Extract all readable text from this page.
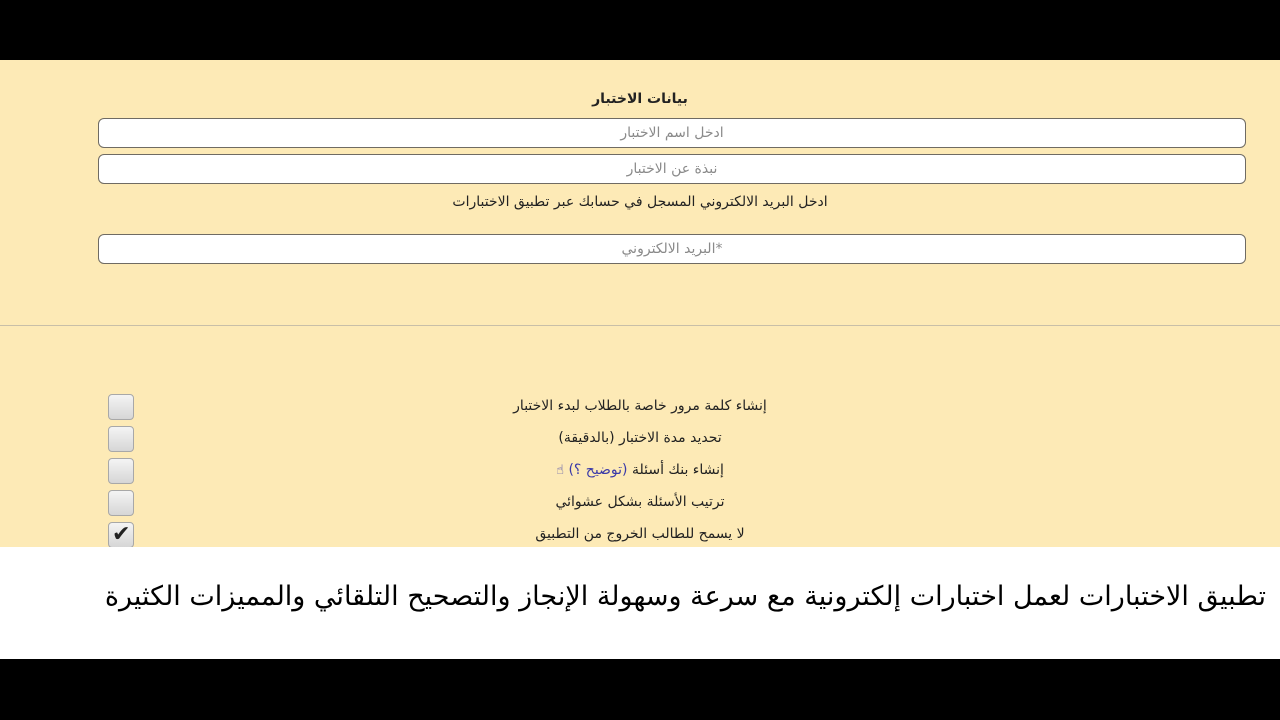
بيانات الاختبار
ادخل اسم الاختبار
نبذة عن الاختبار
ادخل البريد الالكتروني المسجل في حسابك عبر تطبيق الاختبارات
*البريد الالكتروني
إنشاء كلمة مرور خاصة بالطلاب لبدء الاختبار
تحديد مدة الاختبار (بالدقيقة)
إنشاء بنك أسئلة (توضيح ؟) ☝
ترتيب الأسئلة بشكل عشوائي
✔	لا يسمح للطالب الخروج من التطبيق
تطبيق الاختبارات لعمل اختبارات إلكترونية مع سرعة وسهولة الإنجاز والتصحيح التلقائي والمميزات الكثيرة
